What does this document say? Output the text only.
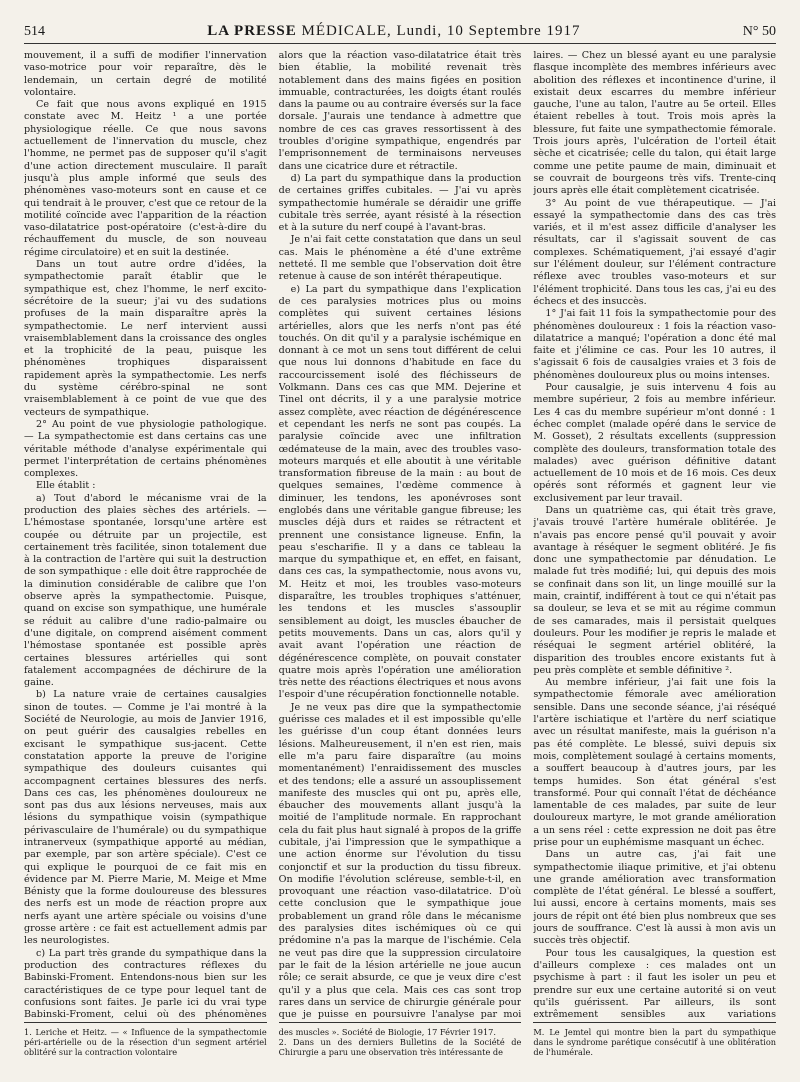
514	LA PRESSE MÉDICALE, Lundi, 10 Septembre 1917	N° 50

mouvement, il a suffi de modifier l'innervation vaso-motrice pour voir reparaître, dès le lendemain, un certain degré de motilité volontaire.

Ce fait que nous avons expliqué en 1915 constate avec M. Heitz ¹ a une portée physiologique réelle. Ce que nous savons actuellement de l'innervation du muscle, chez l'homme, ne permet pas de supposer qu'il s'agit d'une action directement musculaire. Il paraît jusqu'à plus ample informé que seuls des phénomènes vaso-moteurs sont en cause et ce qui tendrait à le prouver, c'est que ce retour de la motilité coïncide avec l'apparition de la réaction vaso-dilatatrice post-opératoire (c'est-à-dire du réchauffement du muscle, de son nouveau régime circulatoire) et en suit la destinée.

Dans un tout autre ordre d'idées, la sympathectomie paraît établir que le sympathique est, chez l'homme, le nerf excito-sécrétoire de la sueur; j'ai vu des sudations profuses de la main disparaître après la sympathectomie. Le nerf intervient aussi vraisemblablement dans la croissance des ongles et la trophicité de la peau, puisque les phénomènes trophiques disparaissent rapidement après la sympathectomie. Les nerfs du système cérébro-spinal ne sont vraisemblablement à ce point de vue que des vecteurs de sympathique.

2° Au point de vue physiologie pathologique. — La sympathectomie est dans certains cas une véritable méthode d'analyse expérimentale qui permet l'interprétation de certains phénomènes complexes.

Elle établit :

a) Tout d'abord le mécanisme vrai de la production des plaies sèches des artériels. — L'hémostase spontanée, lorsqu'une artère est coupée ou détruite par un projectile, est certainement très facilitée, sinon totalement due à la contraction de l'artère qui suit la destruction de son sympathique : elle doit être rapprochée de la diminution considérable de calibre que l'on observe après la sympathectomie. Puisque, quand on excise son sympathique, une humérale se réduit au calibre d'une radio-palmaire ou d'une digitale, on comprend aisément comment l'hémostase spontanée est possible après certaines blessures artérielles qui sont fatalement accompagnées de déchirure de la gaine.

b) La nature vraie de certaines causalgies sinon de toutes. — Comme je l'ai montré à la Société de Neurologie, au mois de Janvier 1916, on peut guérir des causalgies rebelles en excisant le sympathique sus-jacent. Cette constatation apporte la preuve de l'origine sympathique des douleurs cuisantes qui accompagnent certaines blessures des nerfs. Dans ces cas, les phénomènes douloureux ne sont pas dus aux lésions nerveuses, mais aux lésions du sympathique voisin (sympathique périvasculaire de l'humérale) ou du sympathique intranerveux (sympathique apporté au médian, par exemple, par son artère spéciale). C'est ce qui explique le pourquoi de ce fait mis en évidence par M. Pierre Marie, M. Meige et Mme Bénisty que la forme douloureuse des blessures des nerfs est un mode de réaction propre aux nerfs ayant une artère spéciale ou voisins d'une grosse artère : ce fait est actuellement admis par les neurologistes.

c) La part très grande du sympathique dans la production des contractures réflexes du Babinski-Froment. Entendons-nous bien sur les caractéristiques de ce type pour lequel tant de confusions sont faites. Je parle ici du vrai type Babinski-Froment, celui où des phénomènes

alors que la réaction vaso-dilatatrice était très bien établie, la mobilité revenait très notablement dans des mains figées en position immuable, contracturées, les doigts étant roulés dans la paume ou au contraire éversés sur la face dorsale. J'aurais une tendance à admettre que nombre de ces cas graves ressortissent à des troubles d'origine sympathique, engendrés par l'emprisonnement de terminaisons nerveuses dans une cicatrice dure et rétractile.

d) La part du sympathique dans la production de certaines griffes cubitales. — J'ai vu après sympathectomie humérale se déraidir une griffe cubitale très serrée, ayant résisté à la résection et à la suture du nerf coupé à l'avant-bras.

Je n'ai fait cette constatation que dans un seul cas. Mais le phénomène a été d'une extrême netteté. Il me semble que l'observation doit être retenue à cause de son intérêt thérapeutique.

e) La part du sympathique dans l'explication de ces paralysies motrices plus ou moins complètes qui suivent certaines lésions artérielles, alors que les nerfs n'ont pas été touchés. On dit qu'il y a paralysie ischémique en donnant à ce mot un sens tout différent de celui que nous lui donnons d'habitude en face du raccourcissement isolé des fléchisseurs de Volkmann. Dans ces cas que MM. Dejerine et Tinel ont décrits, il y a une paralysie motrice assez complète, avec réaction de dégénérescence et cependant les nerfs ne sont pas coupés. La paralysie coïncide avec une infiltration œdémateuse de la main, avec des troubles vaso-moteurs marqués et elle aboutit à une véritable transformation fibreuse de la main : au bout de quelques semaines, l'œdème commence à diminuer, les tendons, les aponévroses sont englobés dans une véritable gangue fibreuse; les muscles déjà durs et raides se rétractent et prennent une consistance ligneuse. Enfin, la peau s'escharifie. Il y a dans ce tableau la marque du sympathique et, en effet, en faisant, dans ces cas, la sympathectomie, nous avons vu, M. Heitz et moi, les troubles vaso-moteurs disparaître, les troubles trophiques s'atténuer, les tendons et les muscles s'assouplir sensiblement au doigt, les muscles ébaucher de petits mouvements. Dans un cas, alors qu'il y avait avant l'opération une réaction de dégénérescence complète, on pouvait constater quatre mois après l'opération une amélioration très nette des réactions électriques et nous avons l'espoir d'une récupération fonctionnelle notable.

Je ne veux pas dire que la sympathectomie guérisse ces malades et il est impossible qu'elle les guérisse d'un coup étant données leurs lésions. Malheureusement, il n'en est rien, mais elle m'a paru faire disparaître (au moins momentanément) l'enraidissement des muscles et des tendons; elle a assuré un assouplissement manifeste des muscles qui ont pu, après elle, ébaucher des mouvements allant jusqu'à la moitié de l'amplitude normale. En rapprochant cela du fait plus haut signalé à propos de la griffe cubitale, j'ai l'impression que le sympathique a une action énorme sur l'évolution du tissu conjonctif et sur la production du tissu fibreux. On modifie l'évolution scléreuse, semble-t-il, en provoquant une réaction vaso-dilatatrice. D'où cette conclusion que le sympathique joue probablement un grand rôle dans le mécanisme des paralysies dites ischémiques où ce qui prédomine n'a pas la marque de l'ischémie. Cela ne veut pas dire que la suppression circulatoire par le fait de la lésion artérielle ne joue aucun rôle; ce serait absurde, ce que je veux dire c'est qu'il y a plus que cela. Mais ces cas sont trop rares dans un service de chirurgie générale pour que je puisse en poursuivre l'analyse par moi

laires. — Chez un blessé ayant eu une paralysie flasque incomplète des membres inférieurs avec abolition des réflexes et incontinence d'urine, il existait deux escarres du membre inférieur gauche, l'une au talon, l'autre au 5e orteil. Elles étaient rebelles à tout. Trois mois après la blessure, fut faite une sympathectomie fémorale. Trois jours après, l'ulcération de l'orteil était sèche et cicatrisée; celle du talon, qui était large comme une petite paume de main, diminuait et se couvrait de bourgeons très vifs. Trente-cinq jours après elle était complètement cicatrisée.

3° Au point de vue thérapeutique. — J'ai essayé la sympathectomie dans des cas très variés, et il m'est assez difficile d'analyser les résultats, car il s'agissait souvent de cas complexes. Schématiquement, j'ai essayé d'agir sur l'élément douleur, sur l'élément contracture réflexe avec troubles vaso-moteurs et sur l'élément trophicité. Dans tous les cas, j'ai eu des échecs et des insuccès.

1° J'ai fait 11 fois la sympathectomie pour des phénomènes douloureux : 1 fois la réaction vaso-dilatatrice a manqué; l'opération a donc été mal faite et j'élimine ce cas. Pour les 10 autres, il s'agissait 6 fois de causalgies vraies et 3 fois de phénomènes douloureux plus ou moins intenses.

Pour causalgie, je suis intervenu 4 fois au membre supérieur, 2 fois au membre inférieur. Les 4 cas du membre supérieur m'ont donné : 1 échec complet (malade opéré dans le service de M. Gosset), 2 résultats excellents (suppression complète des douleurs, transformation totale des malades) avec guérison définitive datant actuellement de 10 mois et de 16 mois. Ces deux opérés sont réformés et gagnent leur vie exclusivement par leur travail.

Dans un quatrième cas, qui était très grave, j'avais trouvé l'artère humérale oblitérée. Je n'avais pas encore pensé qu'il pouvait y avoir avantage à réséquer le segment oblitéré. Je fis donc une sympathectomie par dénudation. Le malade fut très modifié; lui, qui depuis des mois se confinait dans son lit, un linge mouillé sur la main, craintif, indifférent à tout ce qui n'était pas sa douleur, se leva et se mit au régime commun de ses camarades, mais il persistait quelques douleurs. Pour les modifier je repris le malade et réséquai le segment artériel oblitéré, la disparition des troubles encore existants fut à peu près complète et semble définitive ².

Au membre inférieur, j'ai fait une fois la sympathectomie fémorale avec amélioration sensible. Dans une seconde séance, j'ai réséqué l'artère ischiatique et l'artère du nerf sciatique avec un résultat manifeste, mais la guérison n'a pas été complète. Le blessé, suivi depuis six mois, complètement soulagé à certains moments, a souffert beaucoup à d'autres jours, par les temps humides. Son état général s'est transformé. Pour qui connaît l'état de déchéance lamentable de ces malades, par suite de leur douloureux martyre, le mot grande amélioration a un sens réel : cette expression ne doit pas être prise pour un euphémisme masquant un échec.

Dans un autre cas, j'ai fait une sympathectomie iliaque primitive, et j'ai obtenu une grande amélioration avec transformation complète de l'état général. Le blessé a souffert, lui aussi, encore à certains moments, mais ses jours de répit ont été bien plus nombreux que ses jours de souffrance. C'est là aussi à mon avis un succès très objectif.

Pour tous les causalgiques, la question est d'ailleurs complexe : ces malades ont un psychisme à part : il faut les isoler un peu et prendre sur eux une certaine autorité si on veut qu'ils guérissent. Par ailleurs, ils sont extrêmement sensibles aux variations

1. Leriche et Heitz. — « Influence de la sympathectomie péri-artérielle ou de la résection d'un segment artériel oblitéré sur la contraction volontaire

des muscles ». Société de Biologie, 17 Février 1917.

2. Dans un des derniers Bulletins de la Société de Chirurgie a paru une observation très intéressante de

M. Le Jemtel qui montre bien la part du sympathique dans le syndrome parétique consécutif à une oblitération de l'humérale.
